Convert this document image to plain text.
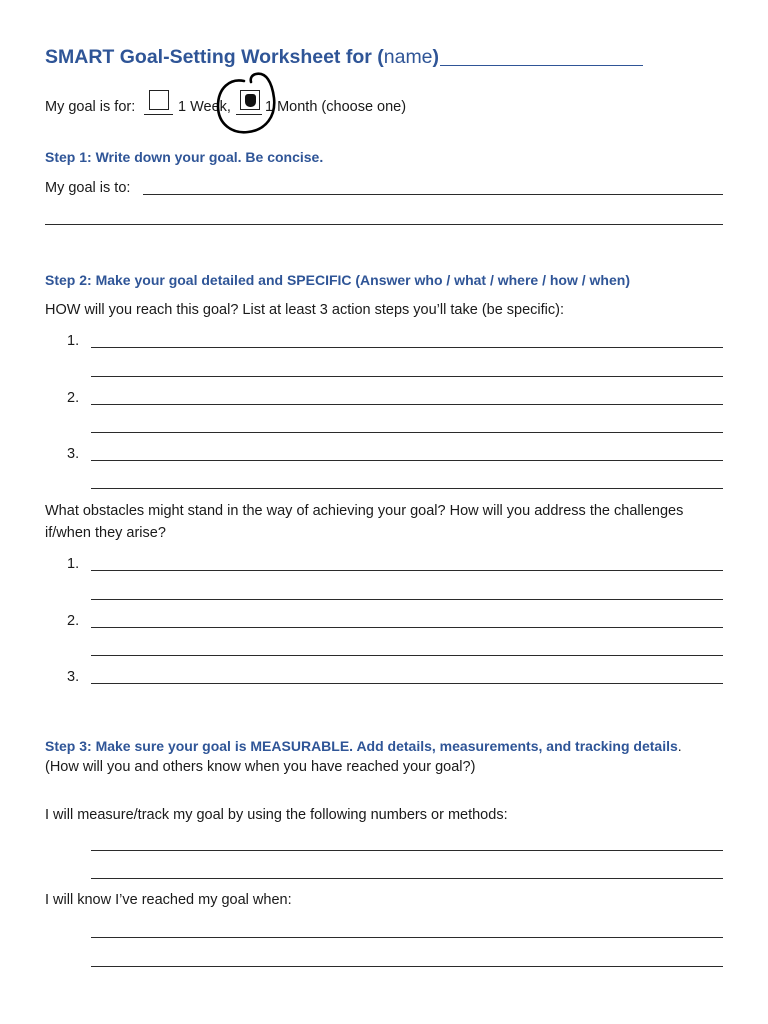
SMART Goal-Setting Worksheet for (name)
My goal is for:	1 Week, 1 Month (choose one)
Step 1: Write down your goal. Be concise.
My goal is to:
Step 2: Make your goal detailed and SPECIFIC (Answer who / what / where / how / when)
HOW will you reach this goal? List at least 3 action steps you’ll take (be specific):
1.
2.
3.
What obstacles might stand in the way of achieving your goal? How will you address the challenges
if/when they arise?
1.
2.
3.
Step 3: Make sure your goal is MEASURABLE. Add details, measurements, and tracking details.
(How will you and others know when you have reached your goal?)
I will measure/track my goal by using the following numbers or methods:
I will know I’ve reached my goal when:
